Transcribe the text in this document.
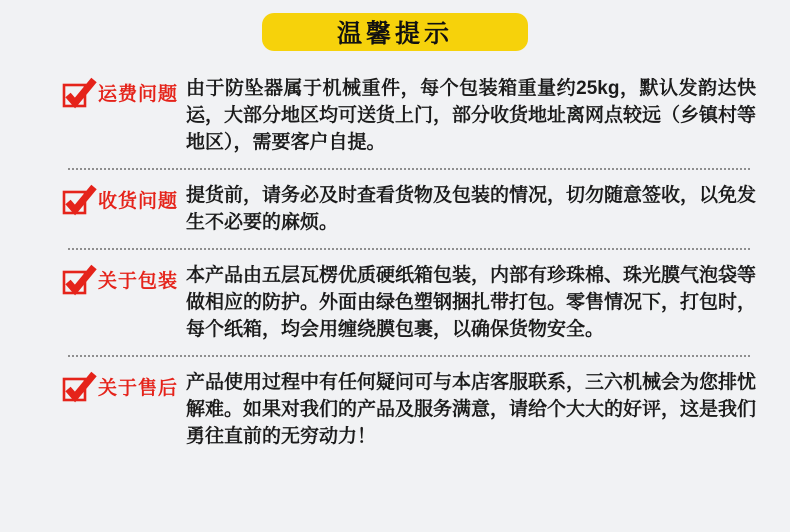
温馨提示
运费问题 由于防坠器属于机械重件，每个包装箱重量约25kg，默认发韵达快运，大部分地区均可送货上门，部分收货地址离网点较远（乡镇村等地区），需要客户自提。
收货问题 提货前，请务必及时查看货物及包装的情况，切勿随意签收，以免发生不必要的麻烦。
关于包装 本产品由五层瓦楞优质硬纸箱包装，内部有珍珠棉、珠光膜气泡袋等做相应的防护。外面由绿色塑钢捆扎带打包。零售情况下，打包时，每个纸箱，均会用缠绕膜包裹，以确保货物安全。
关于售后 产品使用过程中有任何疑问可与本店客服联系，三六机械会为您排忧解难。如果对我们的产品及服务满意，请给个大大的好评，这是我们勇往直前的无穷动力！
